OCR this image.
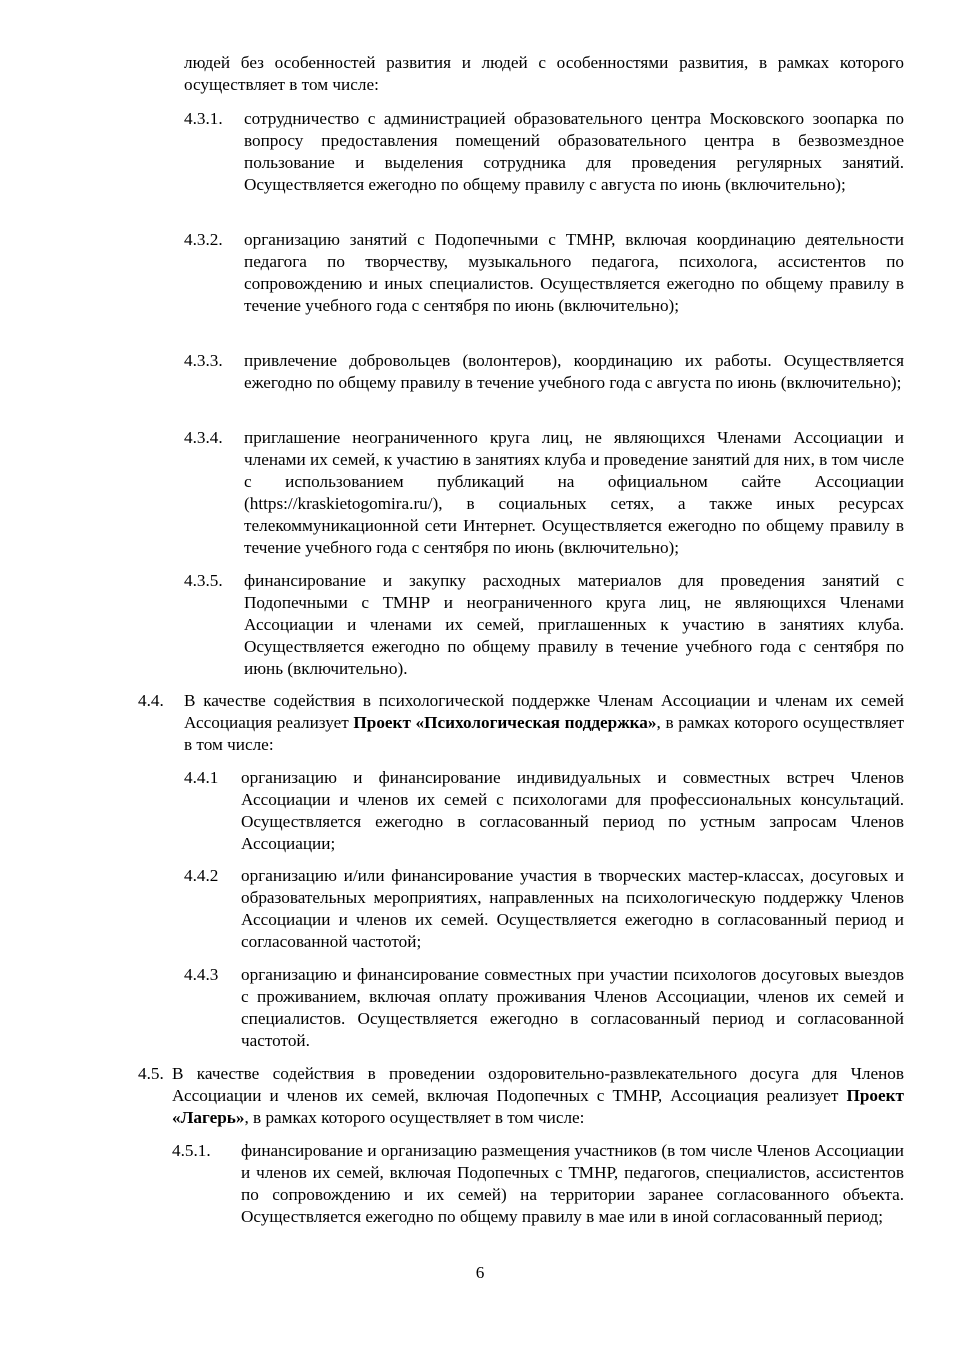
людей без особенностей развития и людей с особенностями развития, в рамках которого осуществляет в том числе:

4.3.1. сотрудничество с администрацией образовательного центра Московского зоопарка по вопросу предоставления помещений образовательного центра в безвозмездное пользование и выделения сотрудника для проведения регулярных занятий. Осуществляется ежегодно по общему правилу с августа по июнь (включительно);

4.3.2. организацию занятий с Подопечными с ТМНР, включая координацию деятельности педагога по творчеству, музыкального педагога, психолога, ассистентов по сопровождению и иных специалистов. Осуществляется ежегодно по общему правилу в течение учебного года с сентября по июнь (включительно);

4.3.3. привлечение добровольцев (волонтеров), координацию их работы. Осуществляется ежегодно по общему правилу в течение учебного года с августа по июнь (включительно);

4.3.4. приглашение неограниченного круга лиц, не являющихся Членами Ассоциации и членами их семей, к участию в занятиях клуба и проведение занятий для них, в том числе с использованием публикаций на официальном сайте Ассоциации (https://kraskietogomira.ru/), в социальных сетях, а также иных ресурсах телекоммуникационной сети Интернет. Осуществляется ежегодно по общему правилу в течение учебного года с сентября по июнь (включительно);

4.3.5. финансирование и закупку расходных материалов для проведения занятий с Подопечными с ТМНР и неограниченного круга лиц, не являющихся Членами Ассоциации и членами их семей, приглашенных к участию в занятиях клуба. Осуществляется ежегодно по общему правилу в течение учебного года с сентября по июнь (включительно).

4.4. В качестве содействия в психологической поддержке Членам Ассоциации и членам их семей Ассоциация реализует Проект «Психологическая поддержка», в рамках которого осуществляет в том числе:

4.4.1 организацию и финансирование индивидуальных и совместных встреч Членов Ассоциации и членов их семей с психологами для профессиональных консультаций. Осуществляется ежегодно в согласованный период по устным запросам Членов Ассоциации;

4.4.2 организацию и/или финансирование участия в творческих мастер-классах, досуговых и образовательных мероприятиях, направленных на психологическую поддержку Членов Ассоциации и членов их семей. Осуществляется ежегодно в согласованный период и согласованной частотой;

4.4.3 организацию и финансирование совместных при участии психологов досуговых выездов с проживанием, включая оплату проживания Членов Ассоциации, членов их семей и специалистов. Осуществляется ежегодно в согласованный период и согласованной частотой.

4.5. В качестве содействия в проведении оздоровительно-развлекательного досуга для Членов Ассоциации и членов их семей, включая Подопечных с ТМНР, Ассоциация реализует Проект «Лагерь», в рамках которого осуществляет в том числе:

4.5.1. финансирование и организацию размещения участников (в том числе Членов Ассоциации и членов их семей, включая Подопечных с ТМНР, педагогов, специалистов, ассистентов по сопровождению и их семей) на территории заранее согласованного объекта. Осуществляется ежегодно по общему правилу в мае или в иной согласованный период;

6
